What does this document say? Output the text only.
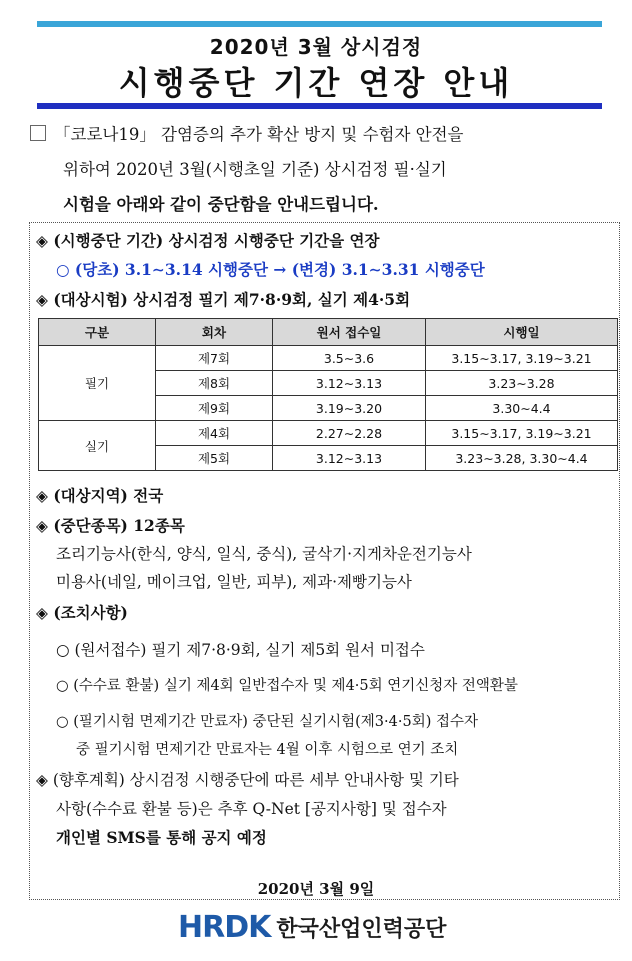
2020년 3월 상시검정
시행중단 기간 연장 안내
「코로나19」 감염증의 추가 확산 방지 및 수험자 안전을
위하여 2020년 3월(시행초일 기준) 상시검정 필·실기
시험을 아래와 같이 중단함을 안내드립니다.
◈ (시행중단 기간) 상시검정 시행중단 기간을 연장
○ (당초) 3.1∼3.14 시행중단 → (변경) 3.1∼3.31 시행중단
◈ (대상시험) 상시검정 필기 제7·8·9회, 실기 제4·5회
구분	회차	원서 접수일	시행일
필기	제7회	3.5∼3.6	3.15∼3.17, 3.19∼3.21
	제8회	3.12∼3.13	3.23∼3.28
	제9회	3.19∼3.20	3.30∼4.4
실기	제4회	2.27∼2.28	3.15∼3.17, 3.19∼3.21
	제5회	3.12∼3.13	3.23∼3.28, 3.30∼4.4
◈ (대상지역) 전국
◈ (중단종목) 12종목
조리기능사(한식, 양식, 일식, 중식), 굴삭기·지게차운전기능사
미용사(네일, 메이크업, 일반, 피부), 제과·제빵기능사
◈ (조치사항)
○ (원서접수) 필기 제7·8·9회, 실기 제5회 원서 미접수
○ (수수료 환불) 실기 제4회 일반접수자 및 제4·5회 연기신청자 전액환불
○ (필기시험 면제기간 만료자) 중단된 실기시험(제3·4·5회) 접수자
중 필기시험 면제기간 만료자는 4월 이후 시험으로 연기 조치
◈ (향후계획) 상시검정 시행중단에 따른 세부 안내사항 및 기타
사항(수수료 환불 등)은 추후 Q-Net [공지사항] 및 접수자
개인별 SMS를 통해 공지 예정
2020년 3월 9일
HRDK 한국산업인력공단
